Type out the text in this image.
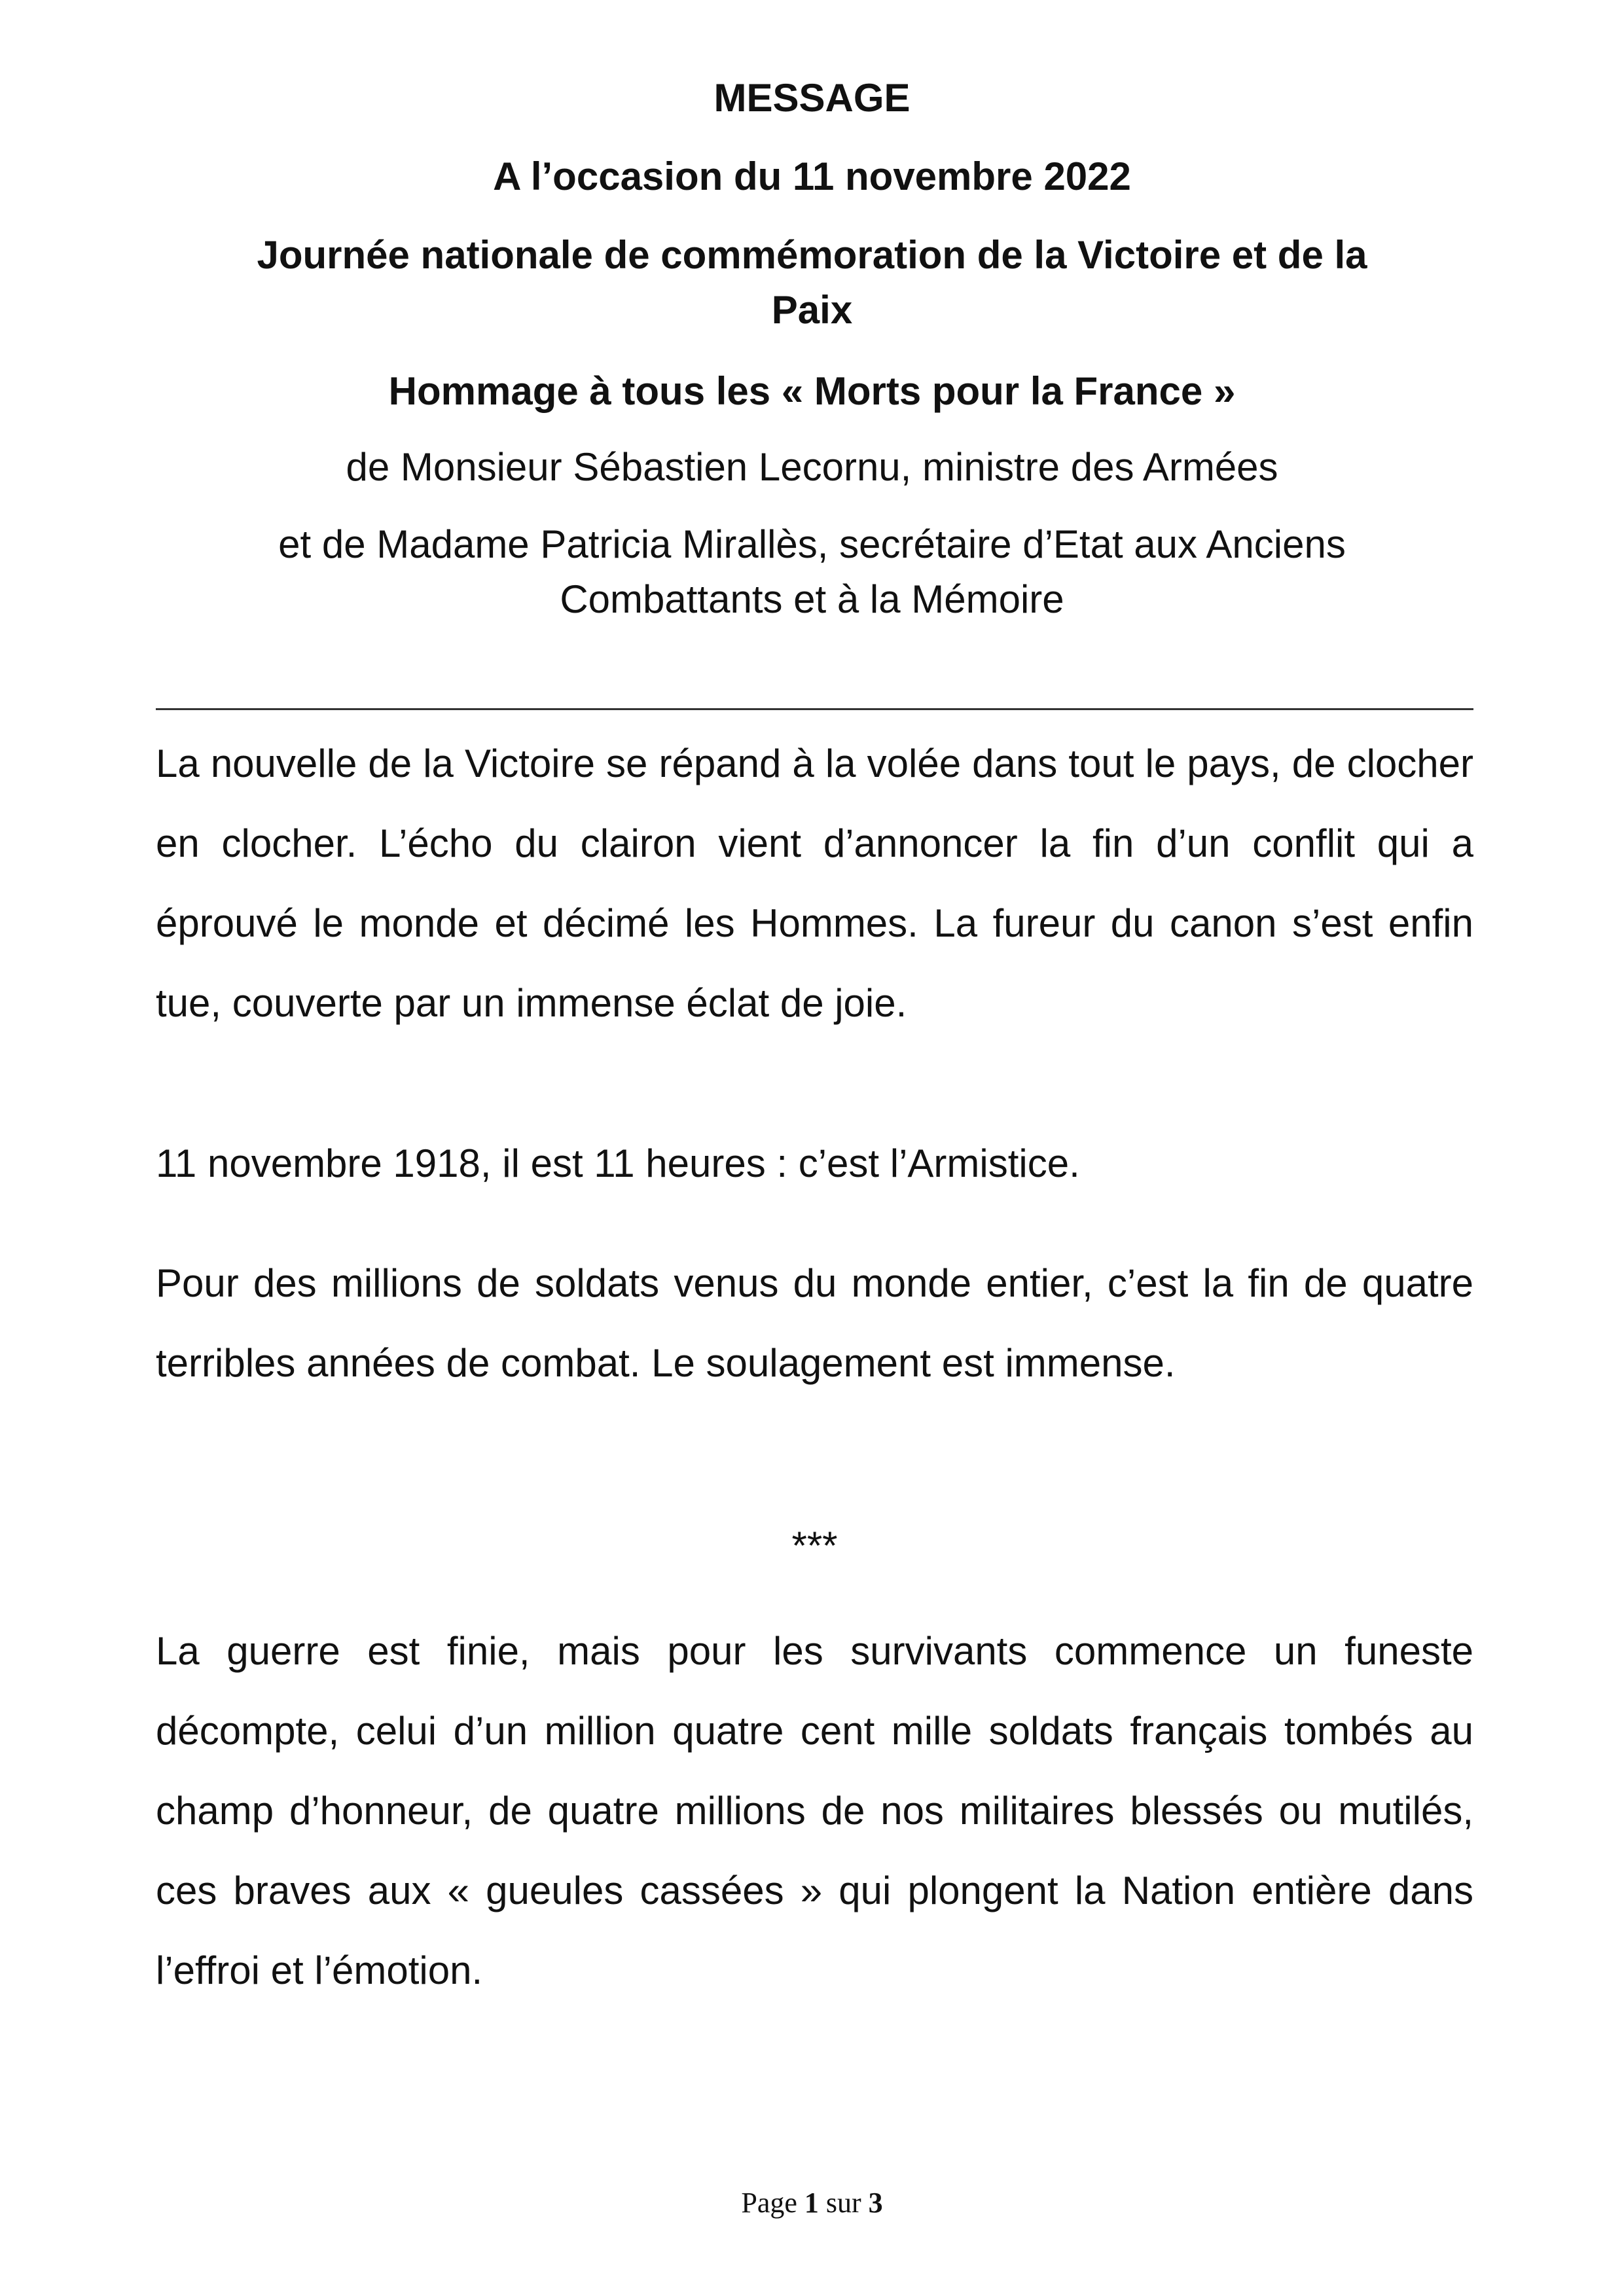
MESSAGE

A l’occasion du 11 novembre 2022

Journée nationale de commémoration de la Victoire et de la Paix

Hommage à tous les « Morts pour la France »

de Monsieur Sébastien Lecornu, ministre des Armées

et de Madame Patricia Mirallès, secrétaire d’Etat aux Anciens Combattants et à la Mémoire

La nouvelle de la Victoire se répand à la volée dans tout le pays, de clocher en clocher. L’écho du clairon vient d’annoncer la fin d’un conflit qui a éprouvé le monde et décimé les Hommes. La fureur du canon s’est enfin tue, couverte par un immense éclat de joie.

11 novembre 1918, il est 11 heures : c’est l’Armistice.

Pour des millions de soldats venus du monde entier, c’est la fin de quatre terribles années de combat. Le soulagement est immense.

***

La guerre est finie, mais pour les survivants commence un funeste décompte, celui d’un million quatre cent mille soldats français tombés au champ d’honneur, de quatre millions de nos militaires blessés ou mutilés, ces braves aux « gueules cassées » qui plongent la Nation entière dans l’effroi et l’émotion.

Page 1 sur 3
